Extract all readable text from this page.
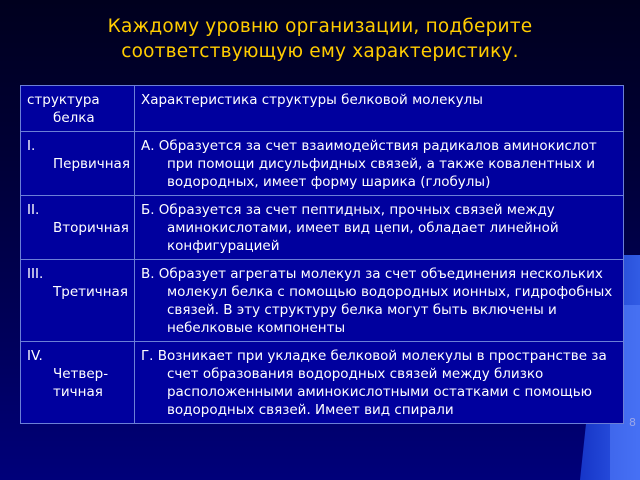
Каждому уровню организации, подберите соответствующую ему характеристику.
структура белка	Характеристика структуры белковой молекулы

I.
Первичная	А. Образуется за счет взаимодействия радикалов аминокислот при помощи дисульфидных связей, а также ковалентных и водородных, имеет форму шарика (глобулы)

II.
Вторичная	Б. Образуется за счет пептидных, прочных связей между аминокислотами, имеет вид цепи, обладает линейной конфигурацией

III.
Третичная	В. Образует агрегаты молекул за счет объединения нескольких молекул белка с помощью водородных ионных, гидрофобных связей. В эту структуру белка могут быть включены и небелковые компоненты

IV.
Четвер-тичная	Г. Возникает при укладке белковой молекулы в пространстве за счет образования водородных связей между близко расположенными аминокислотными остатками с помощью водородных связей. Имеет вид спирали
8
